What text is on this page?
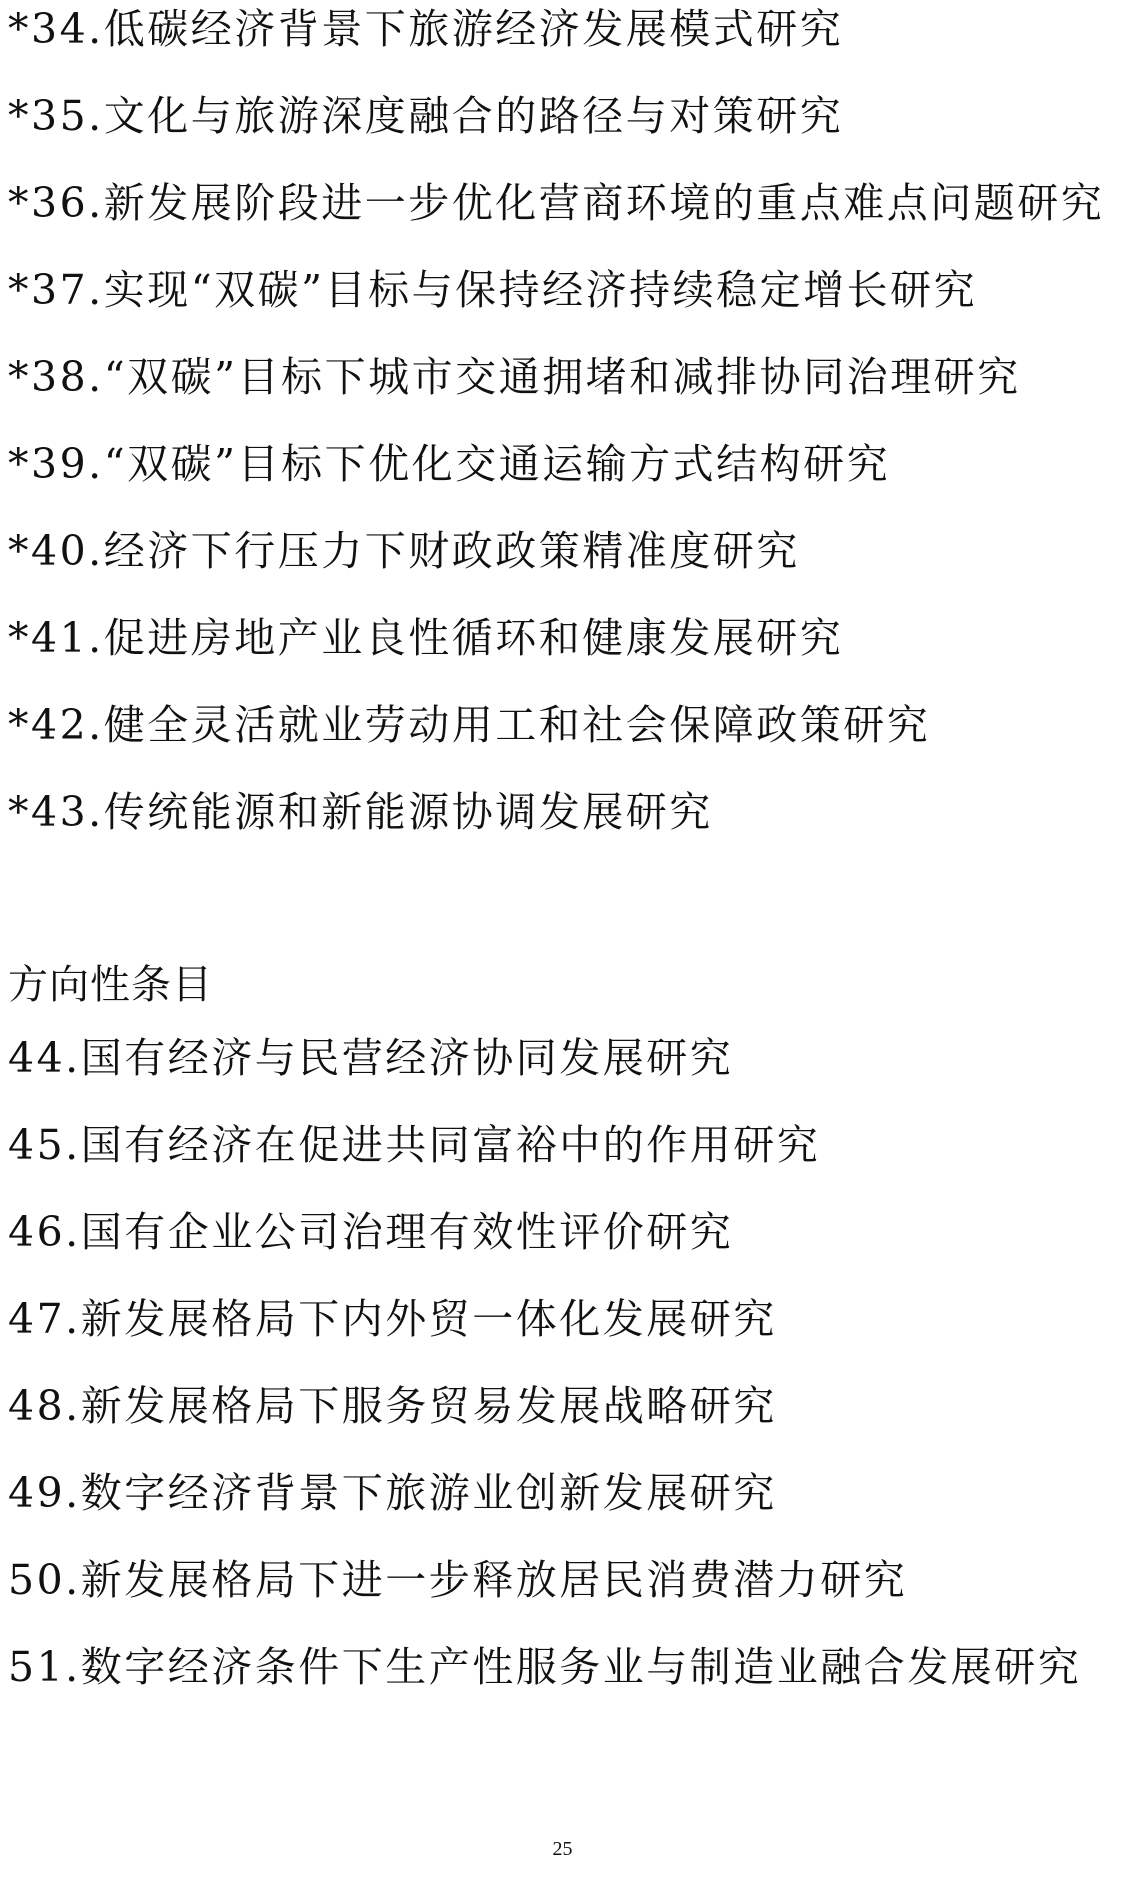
*34.低碳经济背景下旅游经济发展模式研究
*35.文化与旅游深度融合的路径与对策研究
*36.新发展阶段进一步优化营商环境的重点难点问题研究
*37.实现“双碳”目标与保持经济持续稳定增长研究
*38.“双碳”目标下城市交通拥堵和减排协同治理研究
*39.“双碳”目标下优化交通运输方式结构研究
*40.经济下行压力下财政政策精准度研究
*41.促进房地产业良性循环和健康发展研究
*42.健全灵活就业劳动用工和社会保障政策研究
*43.传统能源和新能源协调发展研究
方向性条目
44.国有经济与民营经济协同发展研究
45.国有经济在促进共同富裕中的作用研究
46.国有企业公司治理有效性评价研究
47.新发展格局下内外贸一体化发展研究
48.新发展格局下服务贸易发展战略研究
49.数字经济背景下旅游业创新发展研究
50.新发展格局下进一步释放居民消费潜力研究
51.数字经济条件下生产性服务业与制造业融合发展研究
25
